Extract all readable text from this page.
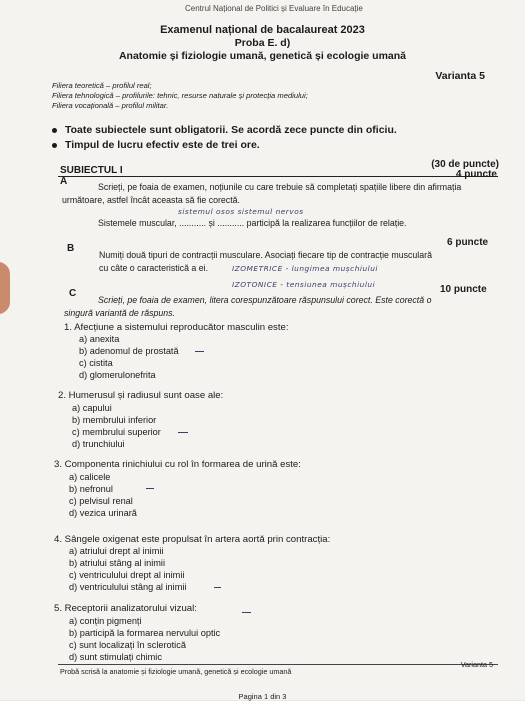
Centrul Național de Politici și Evaluare în Educație
Examenul național de bacalaureat 2023
Proba E. d)
Anatomie și fiziologie umană, genetică și ecologie umană
Varianta 5
Filiera teoretică – profilul real;
Filiera tehnologică – profilurile: tehnic, resurse naturale și protecția mediului;
Filiera vocațională – profilul militar.
Toate subiectele sunt obligatorii. Se acordă zece puncte din oficiu.
Timpul de lucru efectiv este de trei ore.
SUBIECTUL I
(30 de puncte)
A
4 puncte
Scrieți, pe foaia de examen, noțiunile cu care trebuie să completați spațiile libere din afirmația
următoare, astfel încât aceasta să fie corectă.
sistemul osos sistemul nervos
Sistemele muscular, ........... și ........... participă la realizarea funcțiilor de relație.
B
6 puncte
Numiți două tipuri de contracții musculare. Asociați fiecare tip de contracție musculară
cu câte o caracteristică a ei.	IZOMETRICE - lungimea mușchiului
IZOTONICE - tensiunea mușchiului
C	10 puncte
Scrieți, pe foaia de examen, litera corespunzătoare răspunsului corect. Este corectă o
singură variantă de răspuns.
1. Afecțiune a sistemului reproducător masculin este:
a) anexita
b) adenomul de prostată
c) cistita
d) glomerulonefrita
2. Humerusul și radiusul sunt oase ale:
a) capului
b) membrului inferior
c) membrului superior
d) trunchiului
3. Componenta rinichiului cu rol în formarea de urină este:
a) calicele
b) nefronul
c) pelvisul renal
d) vezica urinară
4. Sângele oxigenat este propulsat în artera aortă prin contracția:
a) atriului drept al inimii
b) atriului stâng al inimii
c) ventriculului drept al inimii
d) ventriculului stâng al inimii
5. Receptorii analizatorului vizual:
a) conțin pigmenți
b) participă la formarea nervului optic
c) sunt localizați în sclerotică
d) sunt stimulați chimic
Probă scrisă la anatomie și fiziologie umană, genetică și ecologie umană
Varianta 5
Pagina 1 din 3
